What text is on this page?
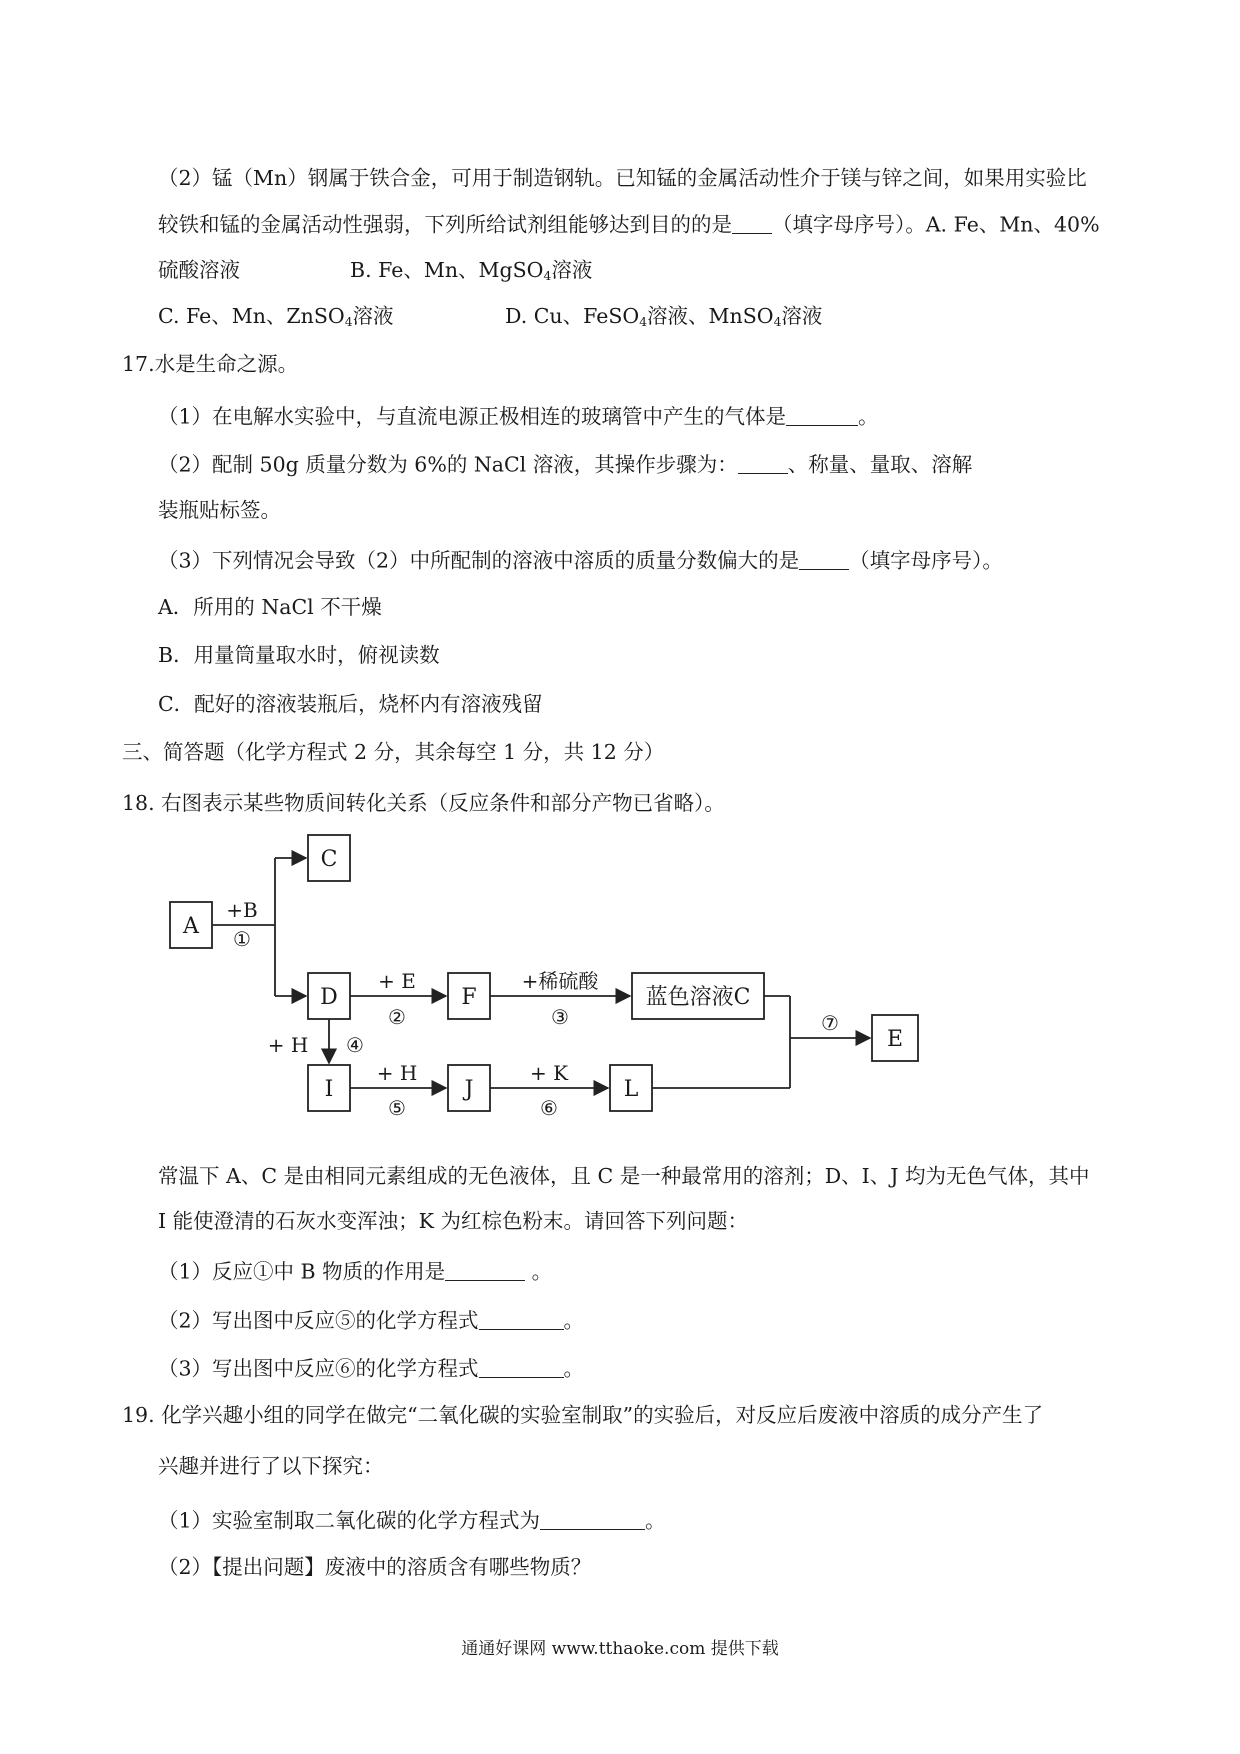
（2）锰（Mn）钢属于铁合金，可用于制造钢轨。已知锰的金属活动性介于镁与锌之间，如果用实验比
较铁和锰的金属活动性强弱，下列所给试剂组能够达到目的的是 （填字母序号）。A. Fe、Mn、40%
硫酸溶液	B. Fe、Mn、MgSO$_4$溶液
C. Fe、Mn、ZnSO$_4$溶液	D. Cu、FeSO$_4$溶液、MnSO$_4$溶液
17.水是生命之源。
（1）在电解水实验中，与直流电源正极相连的玻璃管中产生的气体是	。
（2）配制 50g 质量分数为 6%的 NaCl 溶液，其操作步骤为： 、称量、量取、溶解
装瓶贴标签。
（3）下列情况会导致（2）中所配制的溶液中溶质的质量分数偏大的是 （填字母序号）。
A．所用的 NaCl 不干燥
B．用量筒量取水时，俯视读数
C．配好的溶液装瓶后，烧杯内有溶液残留
三、简答题（化学方程式 2 分，其余每空 1 分，共 12 分）
18. 右图表示某些物质间转化关系（反应条件和部分产物已省略）。
A
C
D	F	蓝色溶液C
E
I	J	L
+B
①
+ E
②
+稀硫酸
③
+ H ④
+ H
⑤
+ K
⑥
⑦
常温下 A、C 是由相同元素组成的无色液体，且 C 是一种最常用的溶剂；D、I、J 均为无色气体，其中
I 能使澄清的石灰水变浑浊；K 为红棕色粉末。请回答下列问题：
（1）反应①中 B 物质的作用是	。
（2）写出图中反应⑤的化学方程式	。
（3）写出图中反应⑥的化学方程式	。
19. 化学兴趣小组的同学在做完“二氧化碳的实验室制取”的实验后，对反应后废液中溶质的成分产生了
兴趣并进行了以下探究：
（1）实验室制取二氧化碳的化学方程式为	。
（2）【提出问题】废液中的溶质含有哪些物质？
通通好课网 www.tthaoke.com 提供下载
